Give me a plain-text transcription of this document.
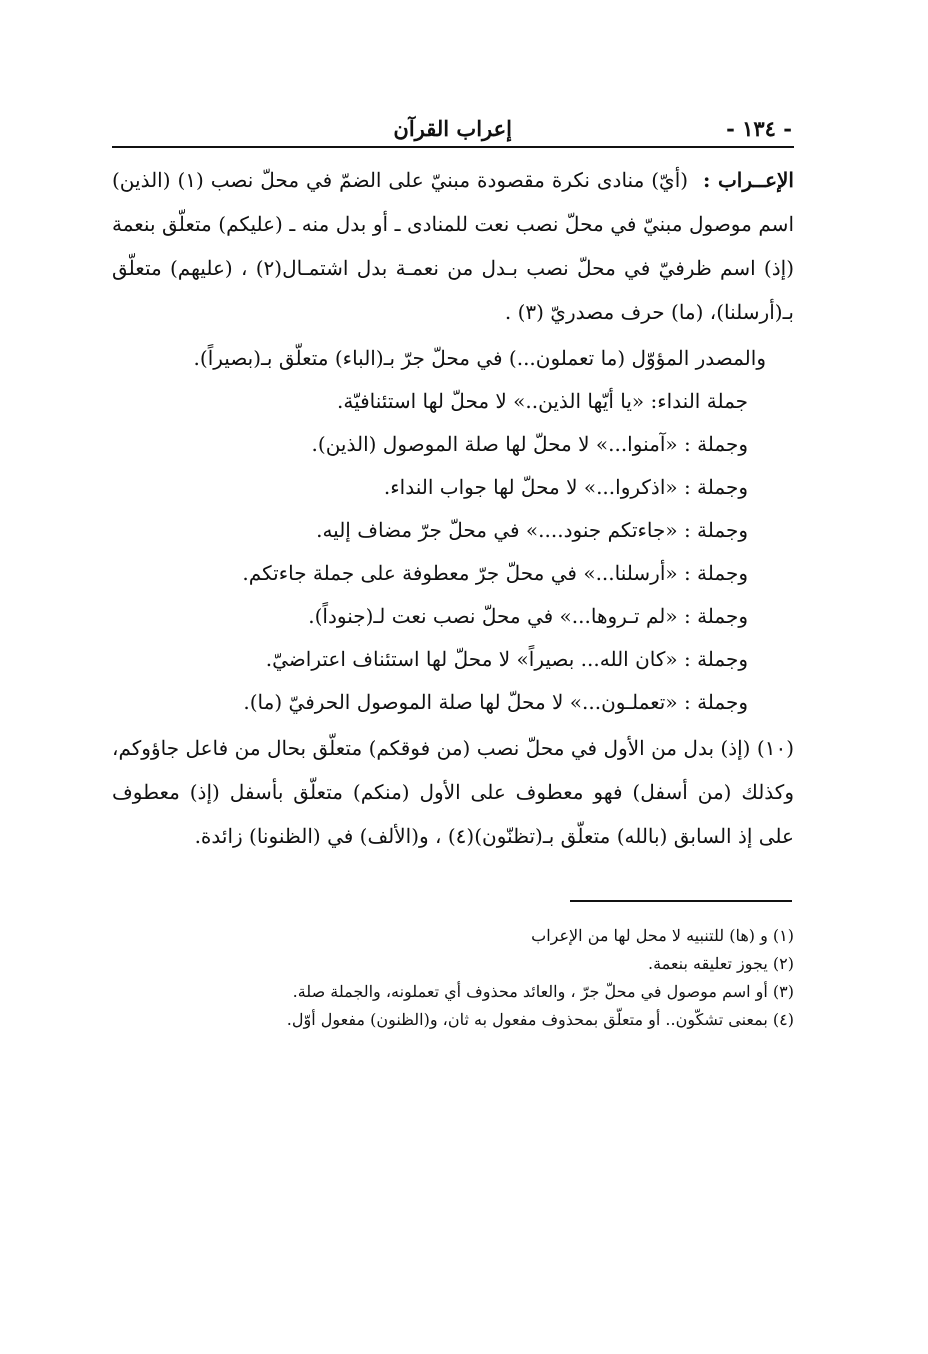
- ١٣٤ -
إعراب القرآن

الإعــراب : (أيّ) منادى نكرة مقصودة مبنيّ على الضمّ في محلّ نصب (١) (الذين) اسم موصول مبنيّ في محلّ نصب نعت للمنادى ـ أو بدل منه ـ (عليكم) متعلّق بنعمة (إذ) اسم ظرفيّ في محلّ نصب بـدل من نعمـة بدل اشتمـال(٢) ، (عليهم) متعلّق بـ(أرسلنا)، (ما) حرف مصدريّ (٣) .

والمصدر المؤوّل (ما تعملون...) في محلّ جرّ بـ(الباء) متعلّق بـ(بصيراً).

جملة النداء: «يا أيّها الذين..» لا محلّ لها استئنافيّة.

وجملة : «آمنوا...» لا محلّ لها صلة الموصول (الذين).

وجملة : «اذكروا...» لا محلّ لها جواب النداء.

وجملة : «جاءتكم جنود....» في محلّ جرّ مضاف إليه.

وجملة : «أرسلنا...» في محلّ جرّ معطوفة على جملة جاءتكم.

وجملة : «لم تـروها...» في محلّ نصب نعت لـ(جنوداً).

وجملة : «كان الله... بصيراً» لا محلّ لها استئناف اعتراضيّ.

وجملة : «تعملـون...» لا محلّ لها صلة الموصول الحرفيّ (ما).

(١٠) (إذ) بدل من الأول في محلّ نصب (من فوقكم) متعلّق بحال من فاعل جاؤوكم، وكذلك (من أسفل) فهو معطوف على الأول (منكم) متعلّق بأسفل (إذ) معطوف على إذ السابق (بالله) متعلّق بـ(تظنّون)(٤) ، و(الألف) في (الظنونا) زائدة.

(١) و (ها) للتنبيه لا محل لها من الإعراب

(٢) يجوز تعليقه بنعمة.

(٣) أو اسم موصول في محلّ جرّ ، والعائد محذوف أي تعملونه، والجملة صلة.

(٤) بمعنى تشكّون.. أو متعلّق بمحذوف مفعول به ثان، و(الظنون) مفعول أوّل.
